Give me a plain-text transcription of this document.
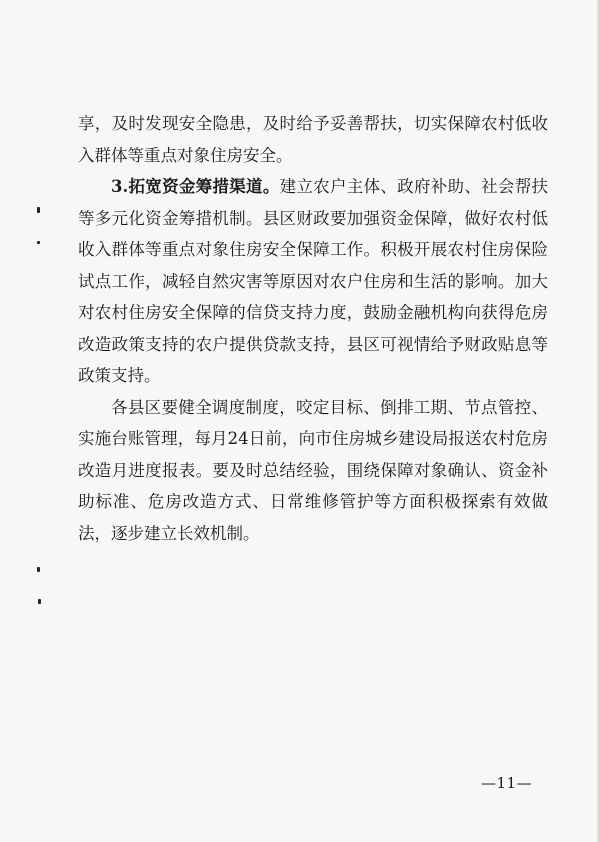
享，及时发现安全隐患，及时给予妥善帮扶，切实保障农村低收入群体等重点对象住房安全。

3.拓宽资金筹措渠道。建立农户主体、政府补助、社会帮扶等多元化资金筹措机制。县区财政要加强资金保障，做好农村低收入群体等重点对象住房安全保障工作。积极开展农村住房保险试点工作，减轻自然灾害等原因对农户住房和生活的影响。加大对农村住房安全保障的信贷支持力度，鼓励金融机构向获得危房改造政策支持的农户提供贷款支持，县区可视情给予财政贴息等政策支持。

各县区要健全调度制度，咬定目标、倒排工期、节点管控、实施台账管理，每月24日前，向市住房城乡建设局报送农村危房改造月进度报表。要及时总结经验，围绕保障对象确认、资金补助标准、危房改造方式、日常维修管护等方面积极探索有效做法，逐步建立长效机制。

—11—
